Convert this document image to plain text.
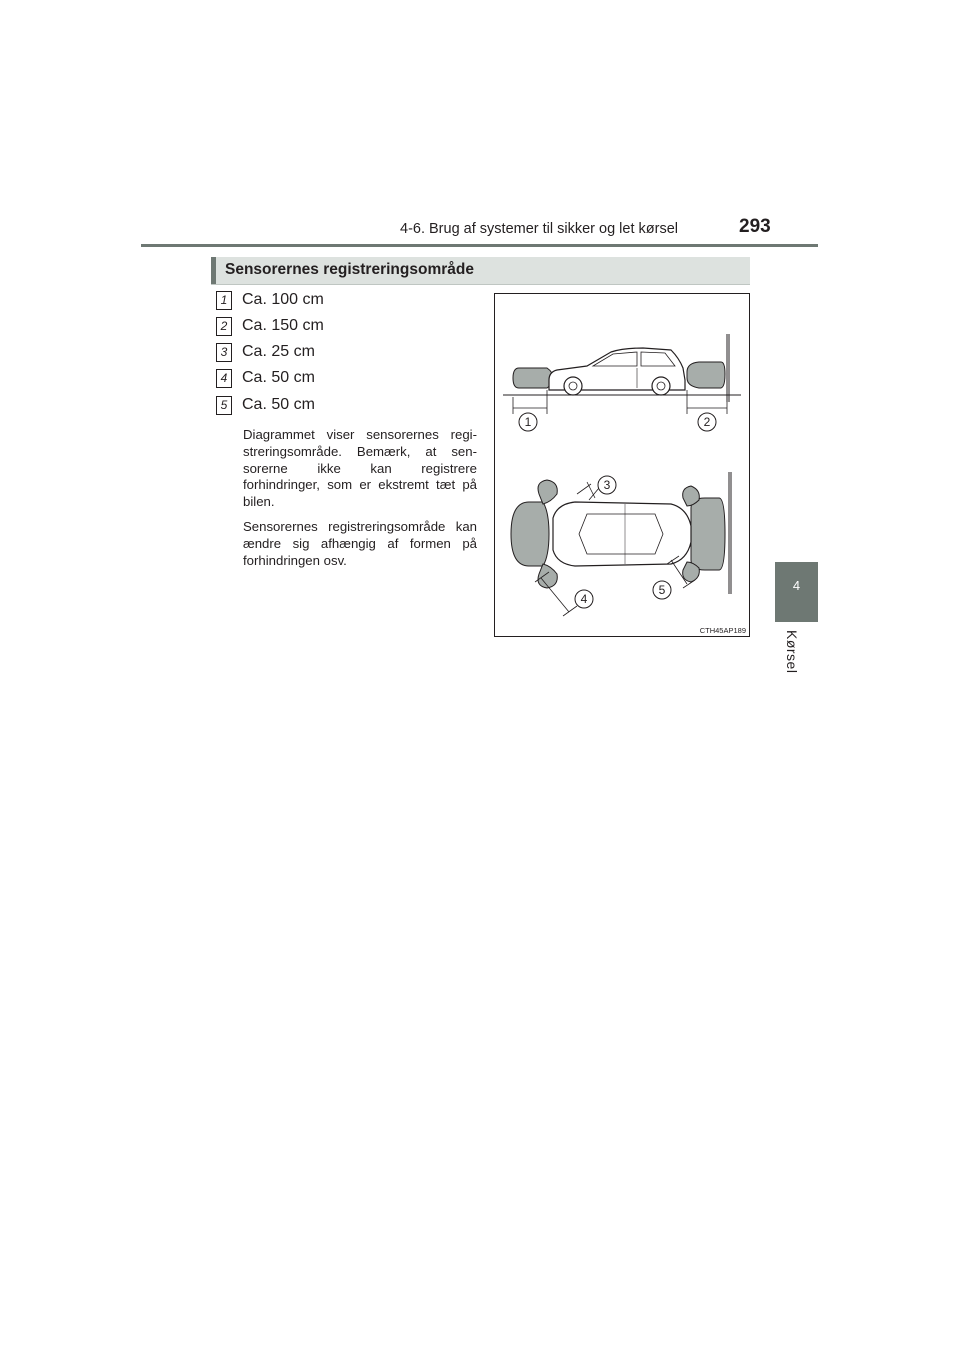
4-6. Brug af systemer til sikker og let kørsel	293
4
Kørsel
Sensorernes registreringsområde
1 Ca. 100 cm
2 Ca. 150 cm
3 Ca. 25 cm
4 Ca. 50 cm
5 Ca. 50 cm
Diagrammet viser sensorernes regi-streringsområde. Bemærk, at sen-sorerne ikke kan registrere forhindringer, som er ekstremt tæt på bilen.
Sensorernes registreringsområde kan ændre sig afhængig af formen på forhindringen osv.
1	2
3
4
5
CTH45AP189
